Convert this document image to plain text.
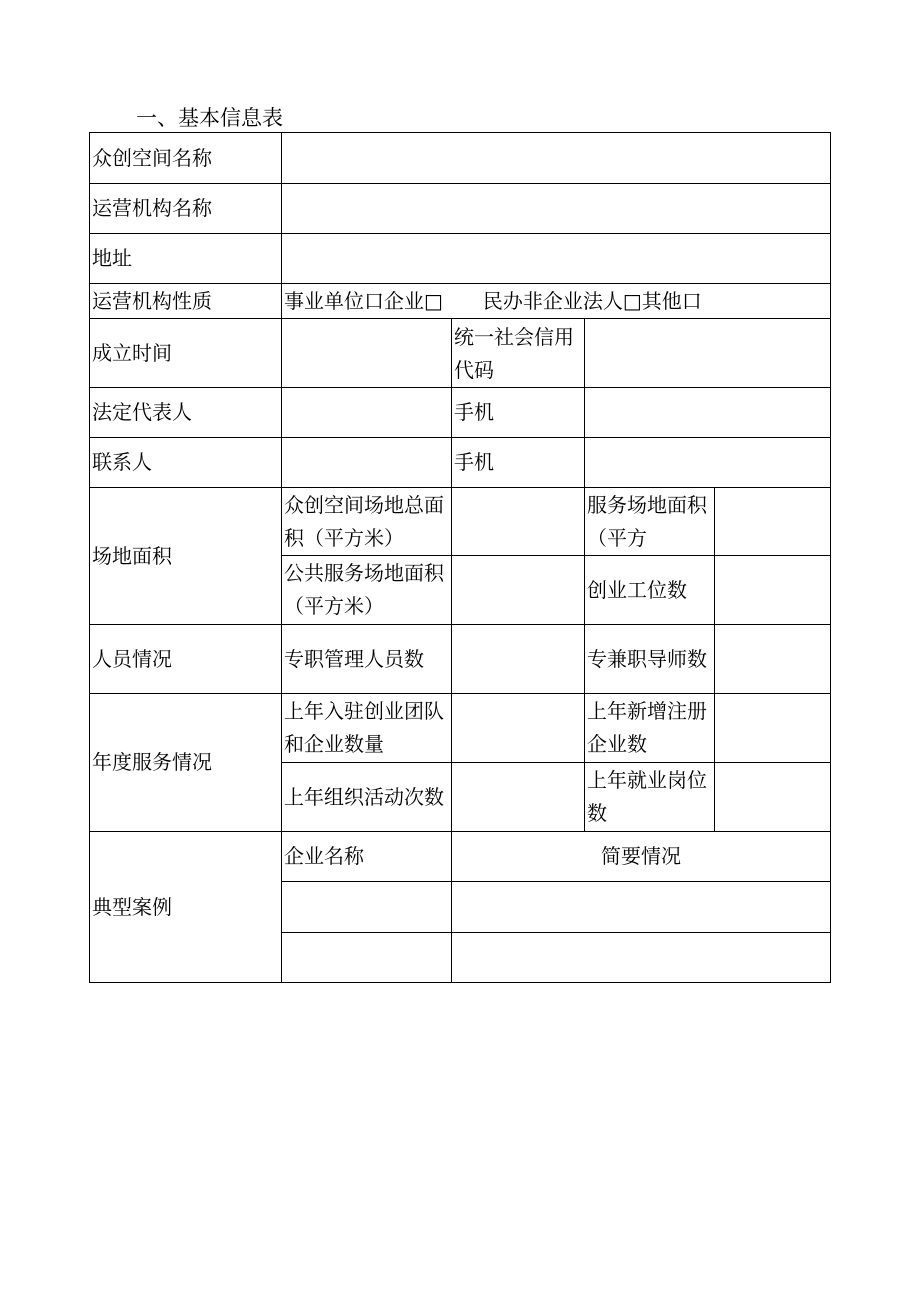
一、基本信息表
众创空间名称				
运营机构名称				
地址				
运营机构性质	事业单位口企业□　　民办非企业法人□其他口			
成立时间		统一社会信用代码		
法定代表人		手机		
联系人		手机		
场地面积	众创空间场地总面积（平方米）		服务场地面积（平方	
	公共服务场地面积（平方米）		创业工位数	
人员情况	专职管理人员数		专兼职导师数	
年度服务情况	上年入驻创业团队和企业数量		上年新增注册企业数	
	上年组织活动次数		上年就业岗位数	
典型案例	企业名称	简要情况		
